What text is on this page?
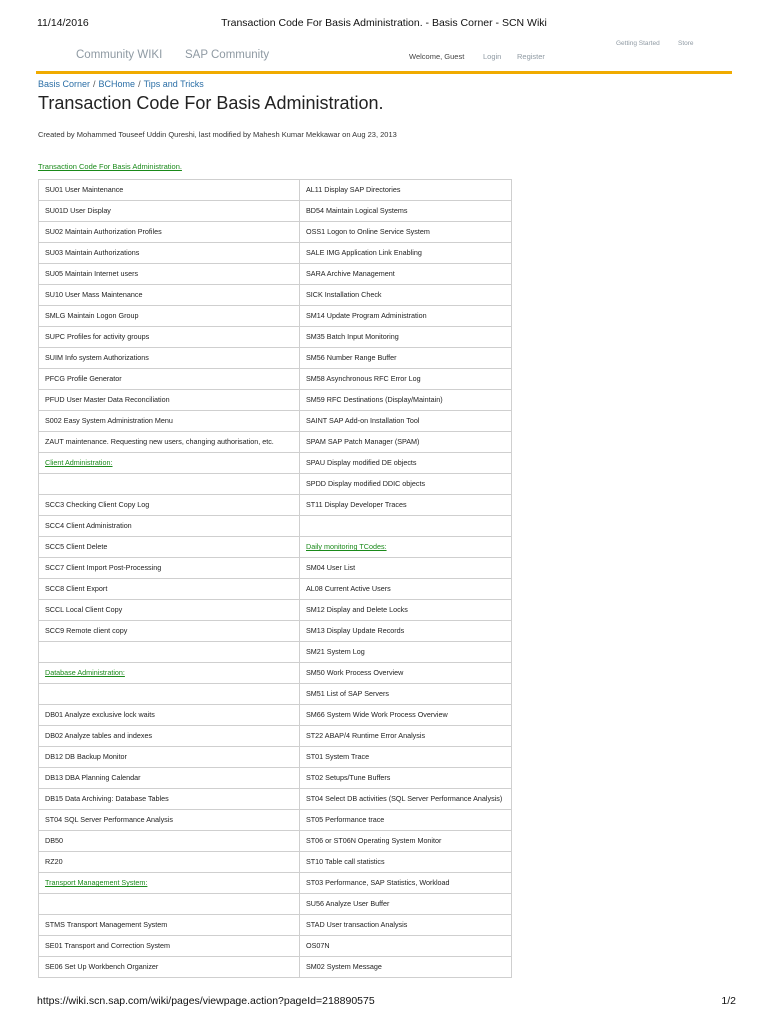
11/14/2016	Transaction Code For Basis Administration. - Basis Corner - SCN Wiki
Community WIKI SAP Community
Getting Started	Store
Welcome, Guest Login Register
Basis Corner / BCHome / Tips and Tricks
Transaction Code For Basis Administration.
Created by Mohammed Touseef Uddin Qureshi, last modified by Mahesh Kumar Mekkawar on Aug 23, 2013
Transaction Code For Basis Administration.
SU01 User Maintenance	AL11 Display SAP Directories
SU01D User Display	BD54 Maintain Logical Systems
SU02 Maintain Authorization Profiles	OSS1 Logon to Online Service System
SU03 Maintain Authorizations	SALE IMG Application Link Enabling
SU05 Maintain Internet users	SARA Archive Management
SU10 User Mass Maintenance	SICK Installation Check
SMLG Maintain Logon Group	SM14 Update Program Administration
SUPC Profiles for activity groups	SM35 Batch Input Monitoring
SUIM Info system Authorizations	SM56 Number Range Buffer
PFCG Profile Generator	SM58 Asynchronous RFC Error Log
PFUD User Master Data Reconciliation	SM59 RFC Destinations (Display/Maintain)
S002 Easy System Administration Menu	SAINT SAP Add-on Installation Tool
ZAUT maintenance. Requesting new users, changing authorisation, etc.	SPAM SAP Patch Manager (SPAM)
Client Administration:	SPAU Display modified DE objects
	SPDD Display modified DDIC objects
SCC3 Checking Client Copy Log	ST11 Display Developer Traces
SCC4 Client Administration	
SCC5 Client Delete	Daily monitoring TCodes:
SCC7 Client Import Post-Processing	SM04 User List
SCC8 Client Export	AL08 Current Active Users
SCCL Local Client Copy	SM12 Display and Delete Locks
SCC9 Remote client copy	SM13 Display Update Records
	SM21 System Log
Database Administration:	SM50 Work Process Overview
	SM51 List of SAP Servers
DB01 Analyze exclusive lock waits	SM66 System Wide Work Process Overview
DB02 Analyze tables and indexes	ST22 ABAP/4 Runtime Error Analysis
DB12 DB Backup Monitor	ST01 System Trace
DB13 DBA Planning Calendar	ST02 Setups/Tune Buffers
DB15 Data Archiving: Database Tables	ST04 Select DB activities (SQL Server Performance Analysis)
ST04 SQL Server Performance Analysis	ST05 Performance trace
DB50	ST06 or ST06N Operating System Monitor
RZ20	ST10 Table call statistics
Transport Management System:	ST03 Performance, SAP Statistics, Workload
	SU56 Analyze User Buffer
STMS Transport Management System	STAD User transaction Analysis
SE01 Transport and Correction System	OS07N
SE06 Set Up Workbench Organizer	SM02 System Message
https://wiki.scn.sap.com/wiki/pages/viewpage.action?pageId=218890575	1/2
